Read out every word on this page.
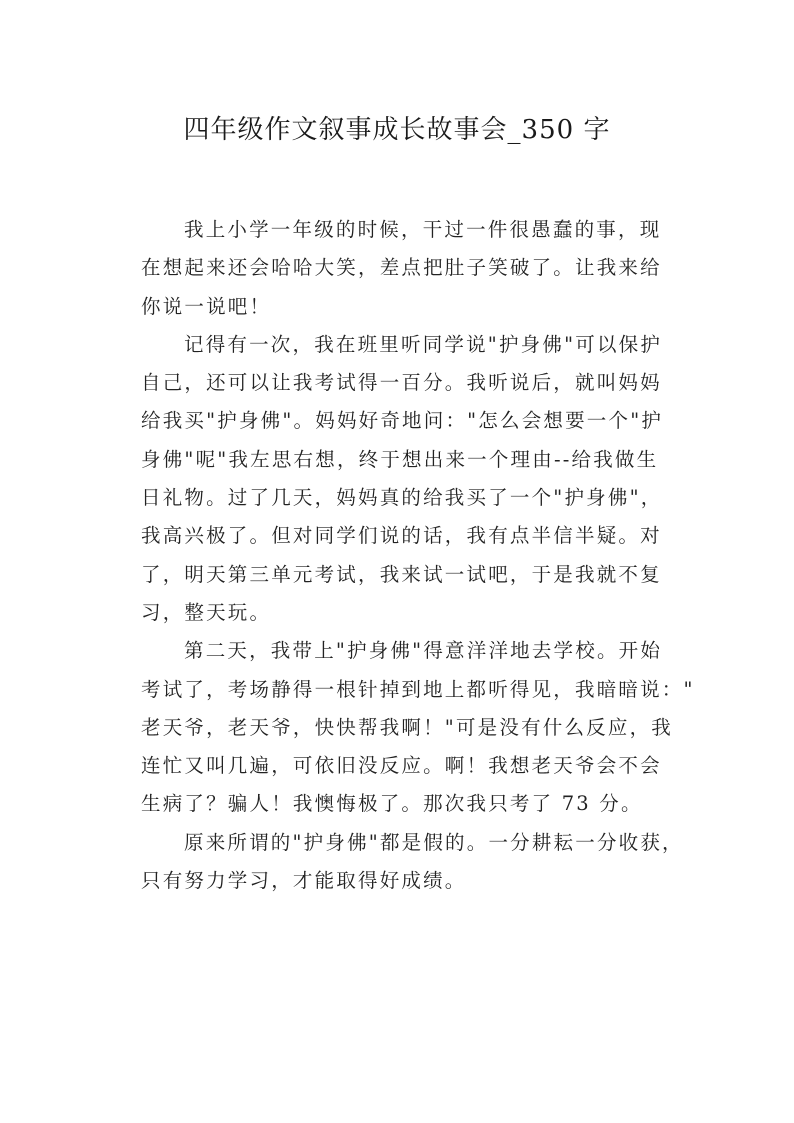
四年级作文叙事成长故事会_350 字
我上小学一年级的时候，干过一件很愚蠢的事，现
在想起来还会哈哈大笑，差点把肚子笑破了。让我来给
你说一说吧！
记得有一次，我在班里听同学说"护身佛"可以保护
自己，还可以让我考试得一百分。我听说后，就叫妈妈
给我买"护身佛"。妈妈好奇地问："怎么会想要一个"护
身佛"呢"我左思右想，终于想出来一个理由--给我做生
日礼物。过了几天，妈妈真的给我买了一个"护身佛"，
我高兴极了。但对同学们说的话，我有点半信半疑。对
了，明天第三单元考试，我来试一试吧，于是我就不复
习，整天玩。
第二天，我带上"护身佛"得意洋洋地去学校。开始
考试了，考场静得一根针掉到地上都听得见，我暗暗说："
老天爷，老天爷，快快帮我啊！"可是没有什么反应，我
连忙又叫几遍，可依旧没反应。啊！我想老天爷会不会
生病了？骗人！我懊悔极了。那次我只考了 73 分。
原来所谓的"护身佛"都是假的。一分耕耘一分收获，
只有努力学习，才能取得好成绩。
